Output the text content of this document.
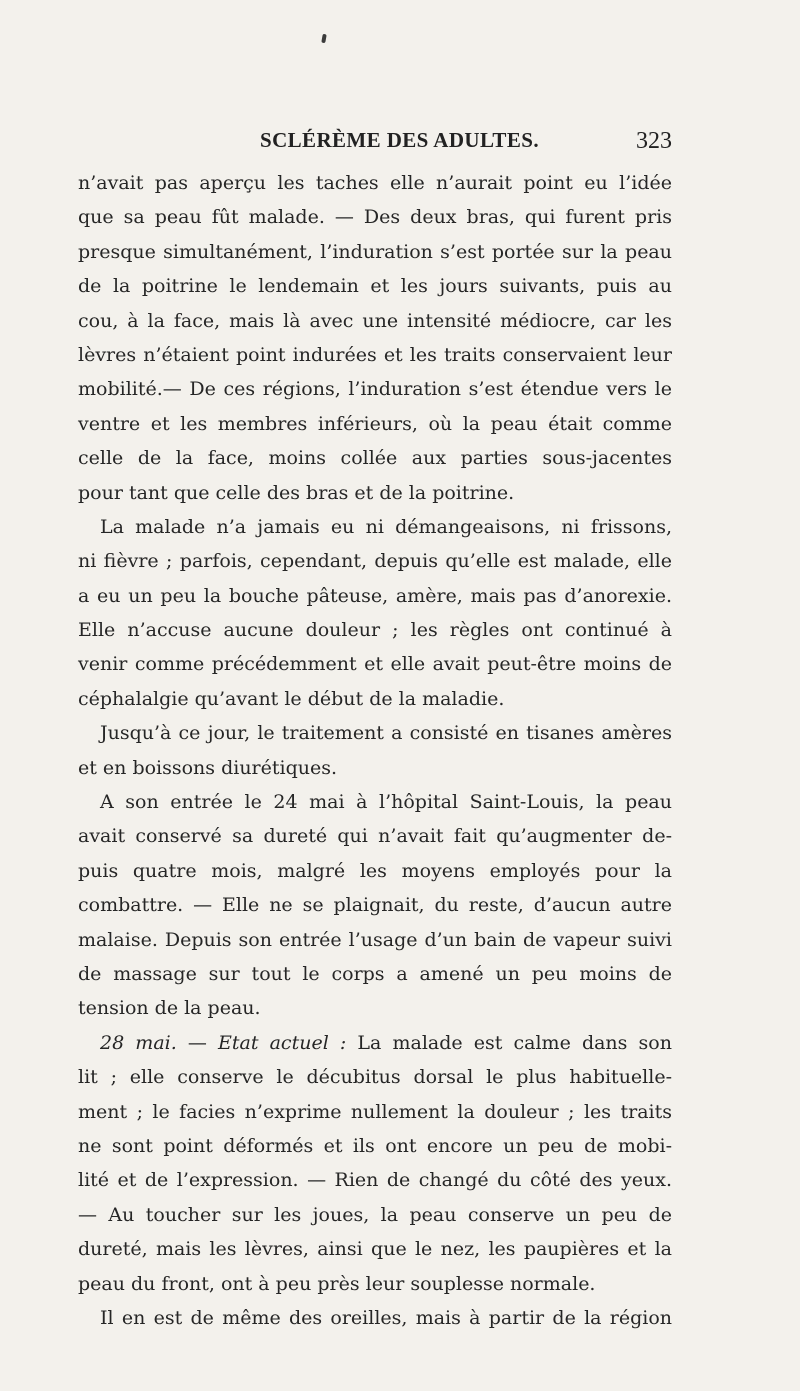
SCLÉRÈME DES ADULTES.	323
n’avait pas aperçu les taches elle n’aurait point eu l’idée
que sa peau fût malade. — Des deux bras, qui furent pris
presque simultanément, l’induration s’est portée sur la peau
de la poitrine le lendemain et les jours suivants, puis au
cou, à la face, mais là avec une intensité médiocre, car les
lèvres n’étaient point indurées et les traits conservaient leur
mobilité.— De ces régions, l’induration s’est étendue vers le
ventre et les membres inférieurs, où la peau était comme
celle de la face, moins collée aux parties sous-jacentes
pour tant que celle des bras et de la poitrine.
La malade n’a jamais eu ni démangeaisons, ni frissons,
ni fièvre ; parfois, cependant, depuis qu’elle est malade, elle
a eu un peu la bouche pâteuse, amère, mais pas d’anorexie.
Elle n’accuse aucune douleur ; les règles ont continué à
venir comme précédemment et elle avait peut-être moins de
céphalalgie qu’avant le début de la maladie.
Jusqu’à ce jour, le traitement a consisté en tisanes amères
et en boissons diurétiques.
A son entrée le 24 mai à l’hôpital Saint-Louis, la peau
avait conservé sa dureté qui n’avait fait qu’augmenter de-
puis quatre mois, malgré les moyens employés pour la
combattre. — Elle ne se plaignait, du reste, d’aucun autre
malaise. Depuis son entrée l’usage d’un bain de vapeur suivi
de massage sur tout le corps a amené un peu moins de
tension de la peau.
28 mai. — Etat actuel : La malade est calme dans son
lit ; elle conserve le décubitus dorsal le plus habituelle-
ment ; le facies n’exprime nullement la douleur ; les traits
ne sont point déformés et ils ont encore un peu de mobi-
lité et de l’expression. — Rien de changé du côté des yeux.
— Au toucher sur les joues, la peau conserve un peu de
dureté, mais les lèvres, ainsi que le nez, les paupières et la
peau du front, ont à peu près leur souplesse normale.
Il en est de même des oreilles, mais à partir de la région
